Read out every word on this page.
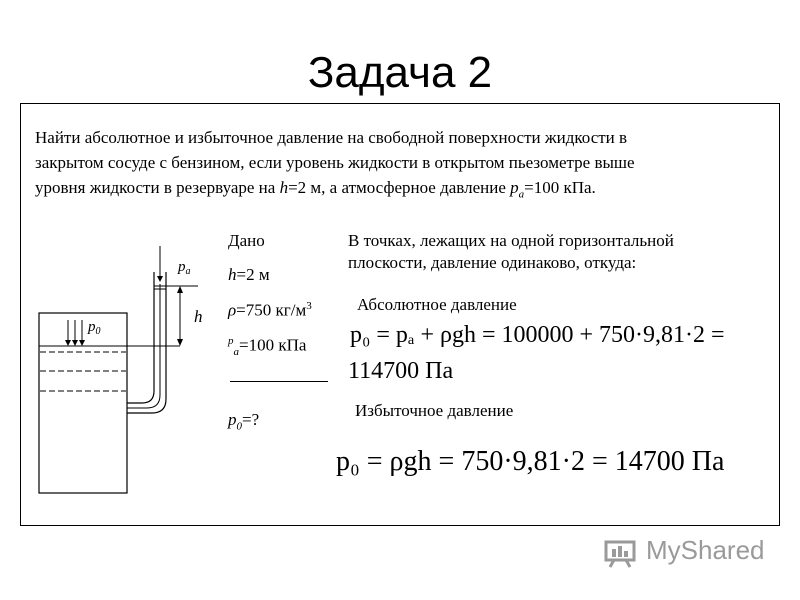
Задача 2
Найти абсолютное и избыточное давление на свободной поверхности жидкости в
закрытом сосуде с бензином, если уровень жидкости в открытом пьезометре выше
уровня жидкости в резервуаре на h=2 м, а атмосферное давление $p_a=100$ кПа.
$p_a$
h
$p_0$
Дано
h=2 м
ρ=750 $кг/м^3$
$^p_a$=100 кПа
$p_0=$?
В точках, лежащих на одной горизонтальной
плоскости, давление одинаково, откуда:
Абсолютное давление
p₀ = pₐ + ρgh = 100000 + 750·9,81·2 =
114700 Па
Избыточное давление
p₀ = ρgh = 750·9,81·2 = 14700 Па
MyShared
